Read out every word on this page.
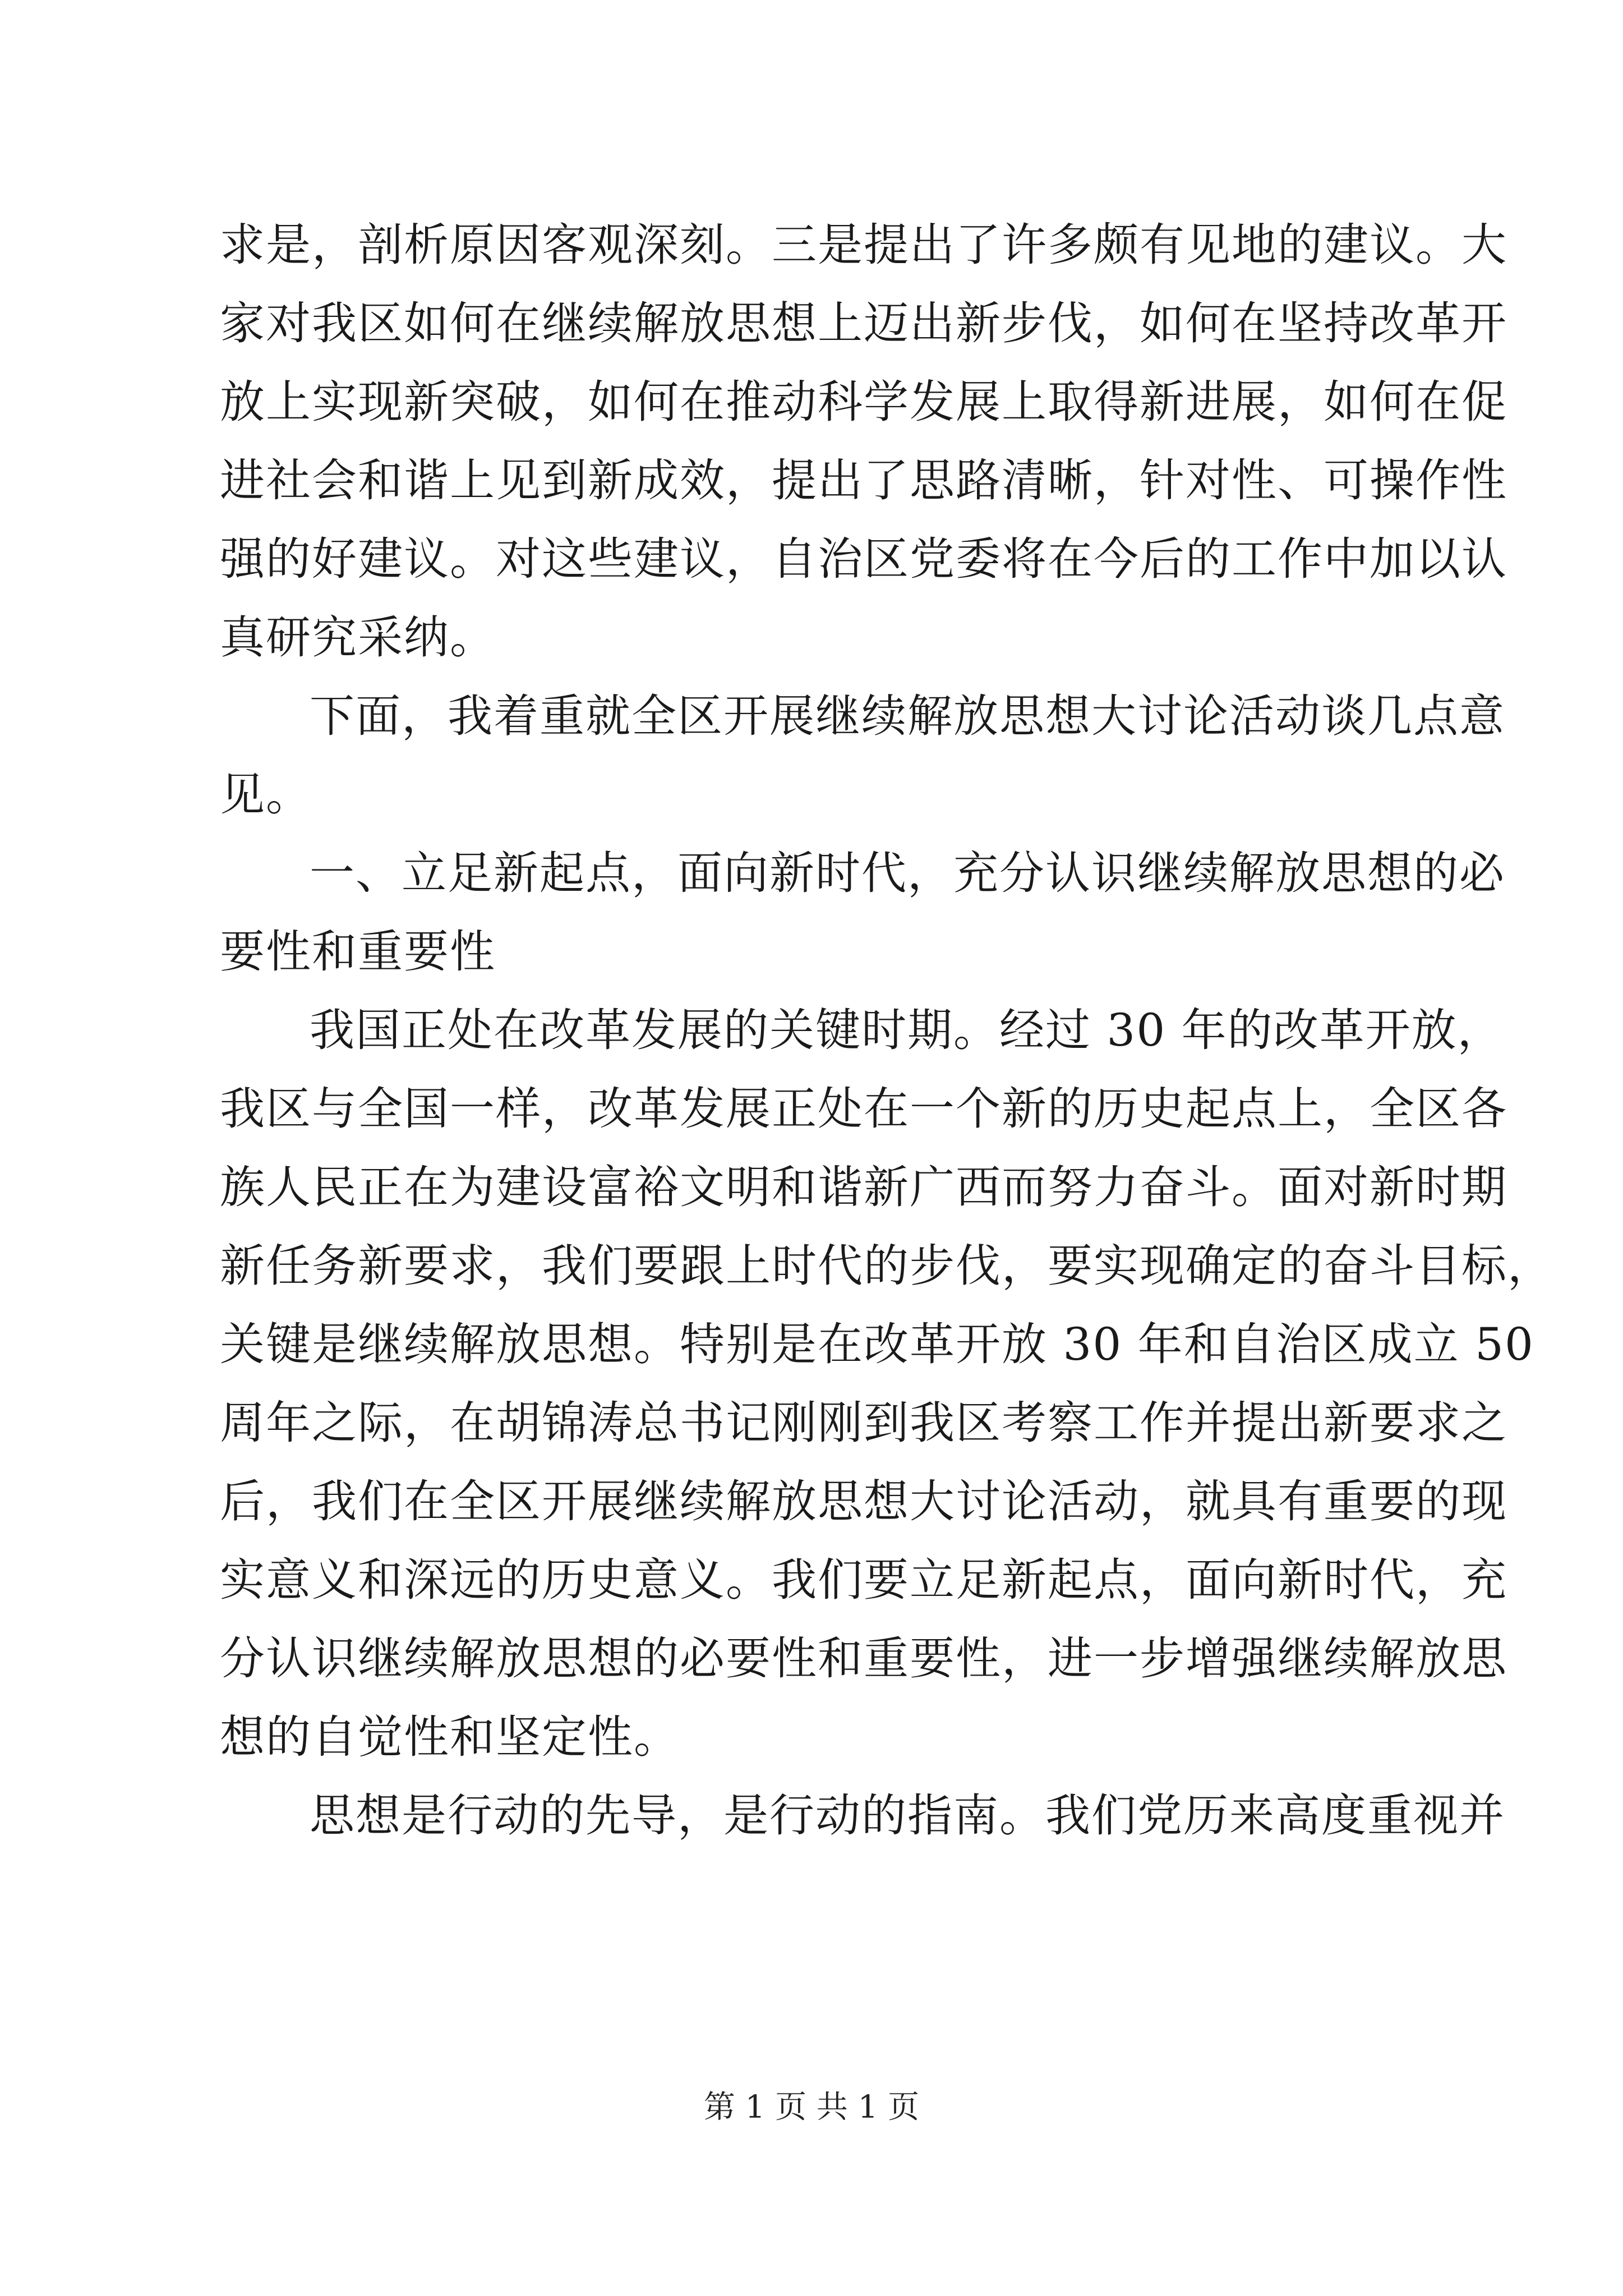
求是，剖析原因客观深刻。三是提出了许多颇有见地的建议。大
家对我区如何在继续解放思想上迈出新步伐，如何在坚持改革开
放上实现新突破，如何在推动科学发展上取得新进展，如何在促
进社会和谐上见到新成效，提出了思路清晰，针对性、可操作性
强的好建议。对这些建议，自治区党委将在今后的工作中加以认
真研究采纳。
下面，我着重就全区开展继续解放思想大讨论活动谈几点意
见。
一、立足新起点，面向新时代，充分认识继续解放思想的必
要性和重要性
我国正处在改革发展的关键时期。经过 30 年的改革开放，
我区与全国一样，改革发展正处在一个新的历史起点上，全区各
族人民正在为建设富裕文明和谐新广西而努力奋斗。面对新时期
新任务新要求，我们要跟上时代的步伐，要实现确定的奋斗目标，
关键是继续解放思想。特别是在改革开放 30 年和自治区成立 50
周年之际，在胡锦涛总书记刚刚到我区考察工作并提出新要求之
后，我们在全区开展继续解放思想大讨论活动，就具有重要的现
实意义和深远的历史意义。我们要立足新起点，面向新时代，充
分认识继续解放思想的必要性和重要性，进一步增强继续解放思
想的自觉性和坚定性。
思想是行动的先导，是行动的指南。我们党历来高度重视并
第 1 页 共 1 页
